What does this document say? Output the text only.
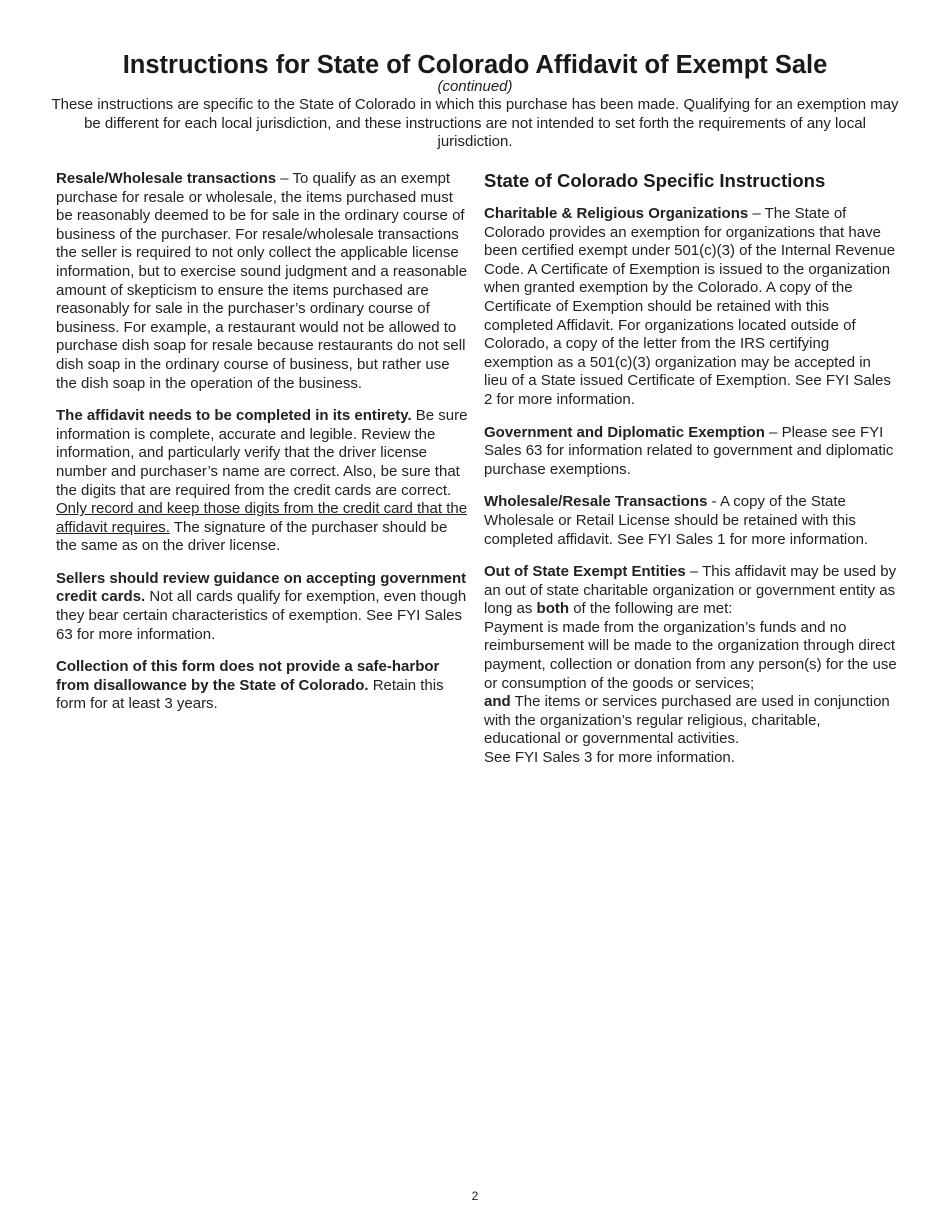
Instructions for State of Colorado Affidavit of Exempt Sale
(continued)
These instructions are specific to the State of Colorado in which this purchase has been made. Qualifying for an exemption may be different for each local jurisdiction, and these instructions are not intended to set forth the requirements of any local jurisdiction.

Resale/Wholesale transactions – To qualify as an exempt purchase for resale or wholesale, the items purchased must be reasonably deemed to be for sale in the ordinary course of business of the purchaser. For resale/wholesale transactions the seller is required to not only collect the applicable license information, but to exercise sound judgment and a reasonable amount of skepticism to ensure the items purchased are reasonably for sale in the purchaser’s ordinary course of business. For example, a restaurant would not be allowed to purchase dish soap for resale because restaurants do not sell dish soap in the ordinary course of business, but rather use the dish soap in the operation of the business.

The affidavit needs to be completed in its entirety. Be sure information is complete, accurate and legible. Review the information, and particularly verify that the driver license number and purchaser’s name are correct. Also, be sure that the digits that are required from the credit cards are correct. Only record and keep those digits from the credit card that the affidavit requires. The signature of the purchaser should be the same as on the driver license.

Sellers should review guidance on accepting government credit cards. Not all cards qualify for exemption, even though they bear certain characteristics of exemption. See FYI Sales 63 for more information.

Collection of this form does not provide a safe-harbor from disallowance by the State of Colorado. Retain this form for at least 3 years.

State of Colorado Specific Instructions

Charitable & Religious Organizations – The State of Colorado provides an exemption for organizations that have been certified exempt under 501(c)(3) of the Internal Revenue Code. A Certificate of Exemption is issued to the organization when granted exemption by the Colorado. A copy of the Certificate of Exemption should be retained with this completed Affidavit. For organizations located outside of Colorado, a copy of the letter from the IRS certifying exemption as a 501(c)(3) organization may be accepted in lieu of a State issued Certificate of Exemption. See FYI Sales 2 for more information.

Government and Diplomatic Exemption – Please see FYI Sales 63 for information related to government and diplomatic purchase exemptions.

Wholesale/Resale Transactions - A copy of the State Wholesale or Retail License should be retained with this completed affidavit. See FYI Sales 1 for more information.

Out of State Exempt Entities – This affidavit may be used by an out of state charitable organization or government entity as long as both of the following are met:
Payment is made from the organization’s funds and no reimbursement will be made to the organization through direct payment, collection or donation from any person(s) for the use or consumption of the goods or services;
and The items or services purchased are used in conjunction with the organization’s regular religious, charitable, educational or governmental activities.
See FYI Sales 3 for more information.

2
